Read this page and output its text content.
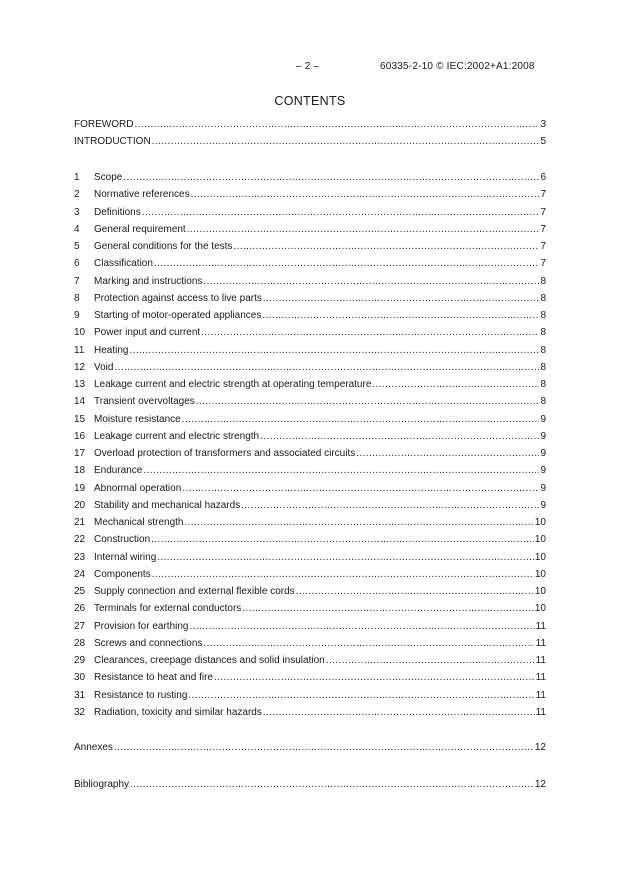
– 2 –	60335-2-10 © IEC:2002+A1:2008
CONTENTS
FOREWORD .....	3
INTRODUCTION .....	5
1	Scope .....	6
2	Normative references .....	7
3	Definitions .....	7
4	General requirement .....	7
5	General conditions for the tests .....	7
6	Classification .....	7
7	Marking and instructions .....	8
8	Protection against access to live parts .....	8
9	Starting of motor-operated appliances .....	8
10 Power input and current .....	8
11 Heating .....	8
12 Void .....	8
13 Leakage current and electric strength at operating temperature .....	8
14 Transient overvoltages .....	8
15 Moisture resistance .....	9
16 Leakage current and electric strength .....	9
17 Overload protection of transformers and associated circuits .....	9
18 Endurance .....	9
19 Abnormal operation .....	9
20 Stability and mechanical hazards .....	9
21 Mechanical strength .....	10
22 Construction .....	10
23 Internal wiring .....	10
24 Components .....	10
25 Supply connection and external flexible cords .....	10
26 Terminals for external conductors .....	10
27 Provision for earthing .....	11
28 Screws and connections .....	11
29 Clearances, creepage distances and solid insulation .....	11
30 Resistance to heat and fire .....	11
31 Resistance to rusting .....	11
32 Radiation, toxicity and similar hazards .....	11
Annexes .....	12
Bibliography .....	12
